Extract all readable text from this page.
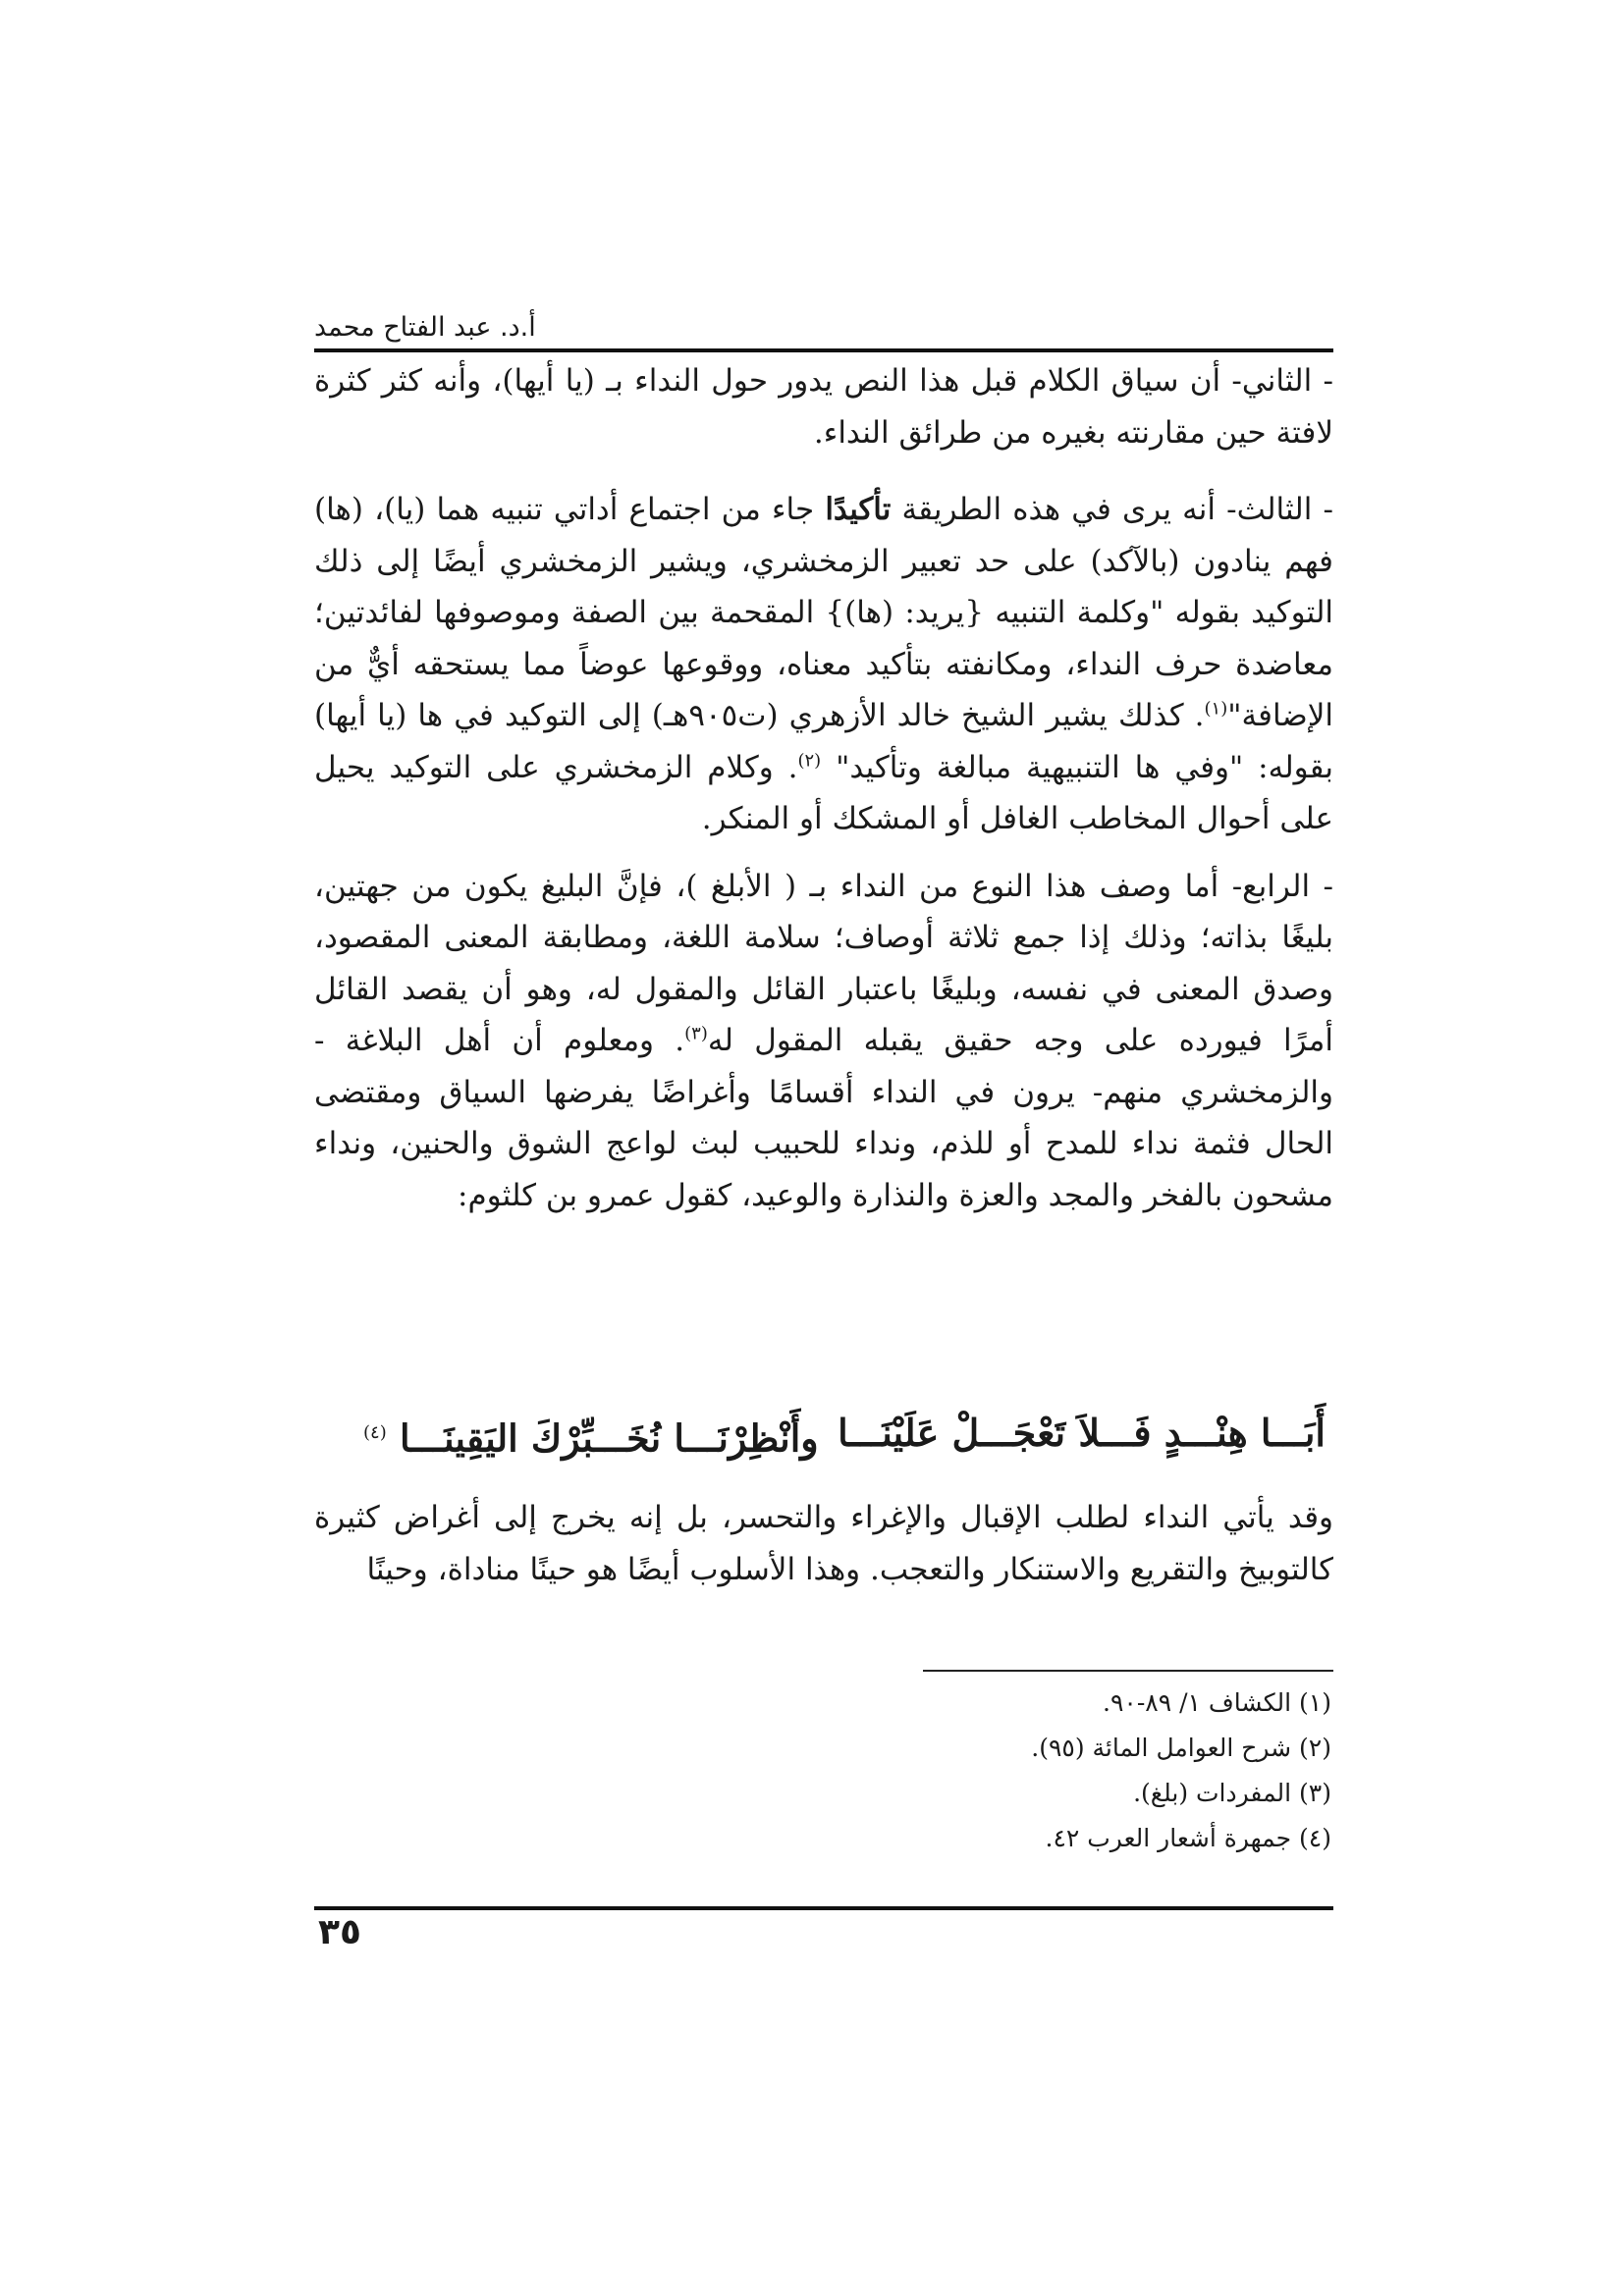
أ.د. عبد الفتاح محمد

- الثاني- أن سياق الكلام قبل هذا النص يدور حول النداء بـ (يا أيها)، وأنه كثر كثرة لافتة حين مقارنته بغيره من طرائق النداء.

- الثالث- أنه يرى في هذه الطريقة تأكيدًا جاء من اجتماع أداتي تنبيه هما (يا)، (ها) فهم ينادون (بالآكد) على حد تعبير الزمخشري، ويشير الزمخشري أيضًا إلى ذلك التوكيد بقوله "وكلمة التنبيه {يريد: (ها)} المقحمة بين الصفة وموصوفها لفائدتين؛ معاضدة حرف النداء، ومكانفته بتأكيد معناه، ووقوعها عوضاً مما يستحقه أيٌّ من الإضافة"$^{(١)}$. كذلك يشير الشيخ خالد الأزهري (ت٩٠٥هـ) إلى التوكيد في ها (يا أيها) بقوله: "وفي ها التنبيهية مبالغة وتأكيد" $^{(٢)}$. وكلام الزمخشري على التوكيد يحيل على أحوال المخاطب الغافل أو المشكك أو المنكر.

- الرابع- أما وصف هذا النوع من النداء بـ ( الأبلغ )، فإنَّ البليغ يكون من جهتين، بليغًا بذاته؛ وذلك إذا جمع ثلاثة أوصاف؛ سلامة اللغة، ومطابقة المعنى المقصود، وصدق المعنى في نفسه، وبليغًا باعتبار القائل والمقول له، وهو أن يقصد القائل أمرًا فيورده على وجه حقيق يقبله المقول له$^{(٣)}$. ومعلوم أن أهل البلاغة - والزمخشري منهم- يرون في النداء أقسامًا وأغراضًا يفرضها السياق ومقتضى الحال فثمة نداء للمدح أو للذم، ونداء للحبيب لبث لواعج الشوق والحنين، ونداء مشحون بالفخر والمجد والعزة والنذارة والوعيد، كقول عمرو بن كلثوم:

أَبَـــا هِنْـــدٍ فَـــلاَ تَعْجَـــلْ عَلَيْنَـــا
وأَنْظِرْنَـــا نُخَـــبِّرْكَ اليَقِينَـــا $^{(٤)}$

وقد يأتي النداء لطلب الإقبال والإغراء والتحسر، بل إنه يخرج إلى أغراض كثيرة كالتوبيخ والتقريع والاستنكار والتعجب. وهذا الأسلوب أيضًا هو حينًا مناداة، وحينًا

(١) الكشاف ١/ ٨٩-٩٠.
(٢) شرح العوامل المائة (٩٥).
(٣) المفردات (بلغ).
(٤) جمهرة أشعار العرب ٤٢.
٣٥
